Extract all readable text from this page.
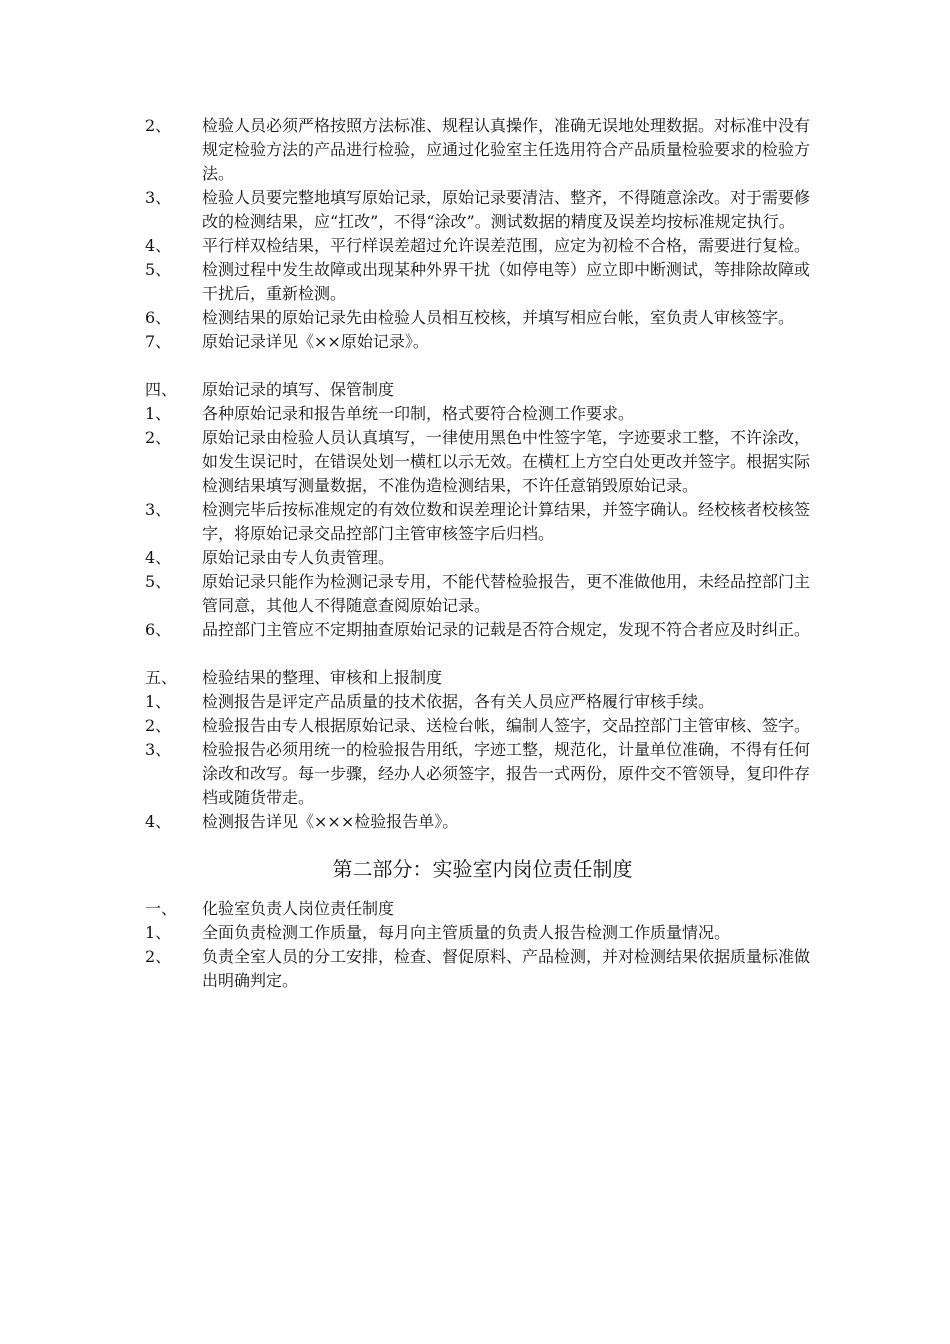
2、	检验人员必须严格按照方法标准、规程认真操作，准确无误地处理数据。对标准中没有规定检验方法的产品进行检验，应通过化验室主任选用符合产品质量检验要求的检验方法。
3、	检验人员要完整地填写原始记录，原始记录要清洁、整齐，不得随意涂改。对于需要修改的检测结果，应“扛改”，不得“涂改”。测试数据的精度及误差均按标准规定执行。
4、	平行样双检结果，平行样误差超过允许误差范围，应定为初检不合格，需要进行复检。
5、	检测过程中发生故障或出现某种外界干扰（如停电等）应立即中断测试，等排除故障或干扰后，重新检测。
6、	检测结果的原始记录先由检验人员相互校核，并填写相应台帐，室负责人审核签字。
7、	原始记录详见《××原始记录》。
四、	原始记录的填写、保管制度
1、	各种原始记录和报告单统一印制，格式要符合检测工作要求。
2、	原始记录由检验人员认真填写，一律使用黑色中性签字笔，字迹要求工整，不许涂改，如发生误记时，在错误处划一横杠以示无效。在横杠上方空白处更改并签字。根据实际检测结果填写测量数据，不准伪造检测结果，不许任意销毁原始记录。
3、	检测完毕后按标准规定的有效位数和误差理论计算结果，并签字确认。经校核者校核签字，将原始记录交品控部门主管审核签字后归档。
4、	原始记录由专人负责管理。
5、	原始记录只能作为检测记录专用，不能代替检验报告，更不准做他用，未经品控部门主管同意，其他人不得随意查阅原始记录。
6、	品控部门主管应不定期抽查原始记录的记载是否符合规定，发现不符合者应及时纠正。
五、	检验结果的整理、审核和上报制度
1、	检测报告是评定产品质量的技术依据，各有关人员应严格履行审核手续。
2、	检验报告由专人根据原始记录、送检台帐，编制人签字，交品控部门主管审核、签字。
3、	检验报告必须用统一的检验报告用纸，字迹工整，规范化，计量单位准确，不得有任何涂改和改写。每一步骤，经办人必须签字，报告一式两份，原件交不管领导，复印件存档或随货带走。
4、	检测报告详见《×××检验报告单》。
第二部分：实验室内岗位责任制度
一、	化验室负责人岗位责任制度
1、	全面负责检测工作质量，每月向主管质量的负责人报告检测工作质量情况。
2、	负责全室人员的分工安排，检查、督促原料、产品检测，并对检测结果依据质量标准做出明确判定。
